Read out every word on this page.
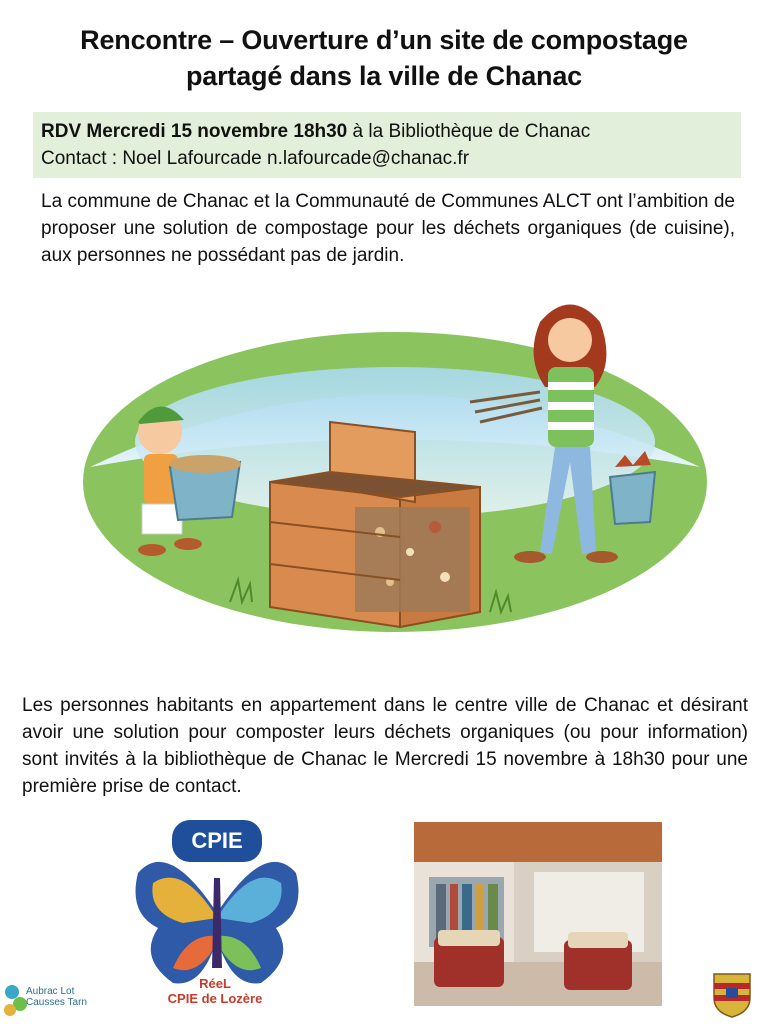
Rencontre – Ouverture d’un site de compostage
partagé dans la ville de Chanac
RDV Mercredi 15 novembre 18h30 à la Bibliothèque de Chanac
Contact : Noel Lafourcade n.lafourcade@chanac.fr
La commune de Chanac et la Communauté de Communes ALCT ont l’ambition de proposer une solution de compostage pour les déchets organiques (de cuisine), aux personnes ne possédant pas de jardin.
Les personnes habitants en appartement dans le centre ville de Chanac et désirant avoir une solution pour composter leurs déchets organiques (ou pour information) sont invités à la bibliothèque de Chanac le Mercredi 15 novembre à 18h30 pour une première prise de contact.
CPIE
RéeL
CPIE de Lozère
Aubrac Lot
Causses Tarn
